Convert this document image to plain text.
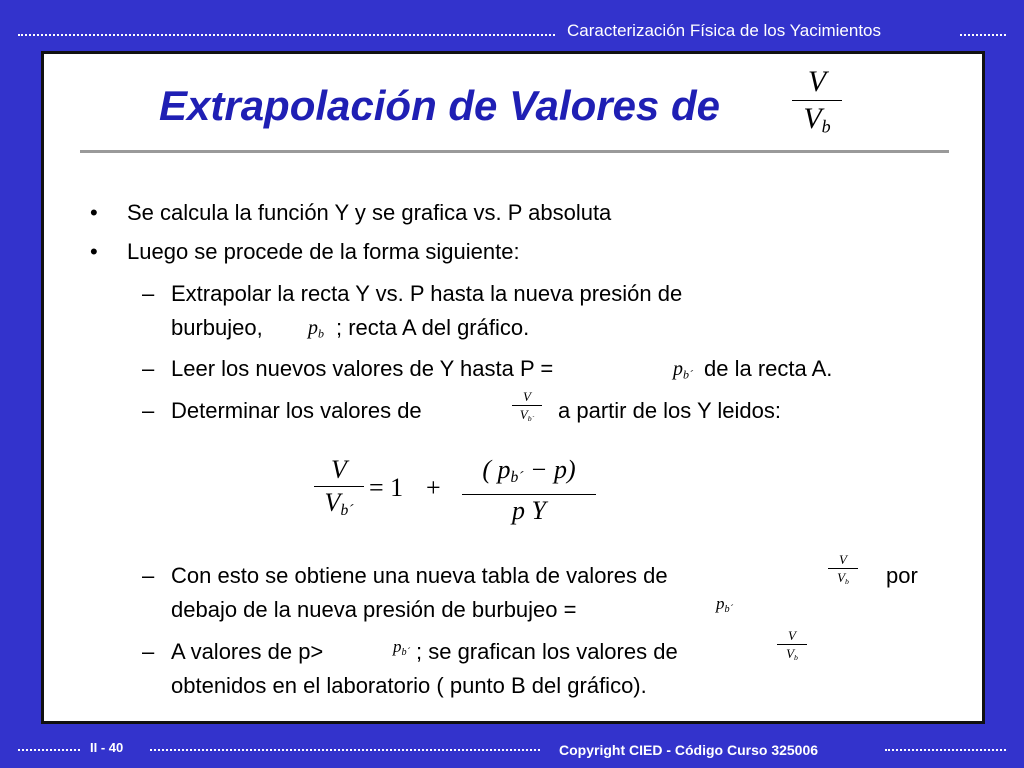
Caracterización Física de los Yacimientos
Extrapolación de Valores de
V
$V_b$
• Se calcula la función Y y se grafica vs. P absoluta
• Luego se procede de la forma siguiente:
– Extrapolar la recta Y vs. P hasta la nueva presión de
burbujeo, $p_b$ ; recta A del gráfico.
– Leer los nuevos valores de Y hasta P =	$p_{b´}$ de la recta A.
– Determinar los valores de
V
$V_{b´}$	a partir de los Y leidos:
V
$V_{b´}$
= 1 +
( $p_{b´} - p$)
p Y
– Con esto se obtiene una nueva tabla de valores de
V
$V_b$	por
debajo de la nueva presión de burbujeo =	$p_{b´}$
– A valores de p>	$p_{b´}$ ; se grafican los valores de
V
$V_b$
obtenidos en el laboratorio ( punto B del gráfico).
II - 40	Copyright CIED - Código Curso 325006
